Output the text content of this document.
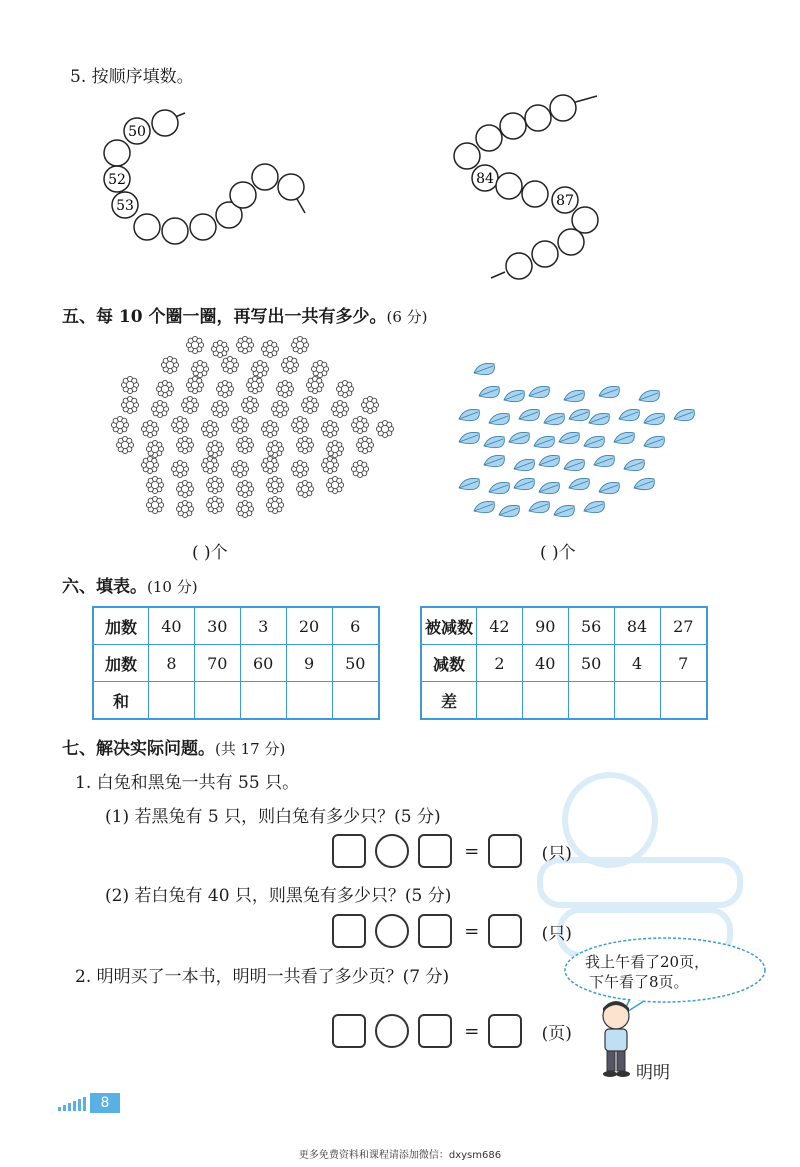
5. 按顺序填数。
50
52
53
84
87
五、每 10 个圈一圈，再写出一共有多少。(6 分)
( )个	( )个
六、填表。(10 分)
加数	40	30	3	20	6
加数	8	70	60	9	50
和					
被减数	42	90	56	84	27
减数	2	40	50	4	7
差					
七、解决实际问题。(共 17 分)
1. 白兔和黑兔一共有 55 只。
(1) 若黑兔有 5 只，则白兔有多少只？(5 分)
=	(只)
(2) 若白兔有 40 只，则黑兔有多少只？(5 分)
=	(只)
2. 明明买了一本书，明明一共看了多少页？(7 分)
=	(页)
我上午看了20页，
下午看了8页。
明明
8
更多免费资料和课程请添加微信：dxysm686
